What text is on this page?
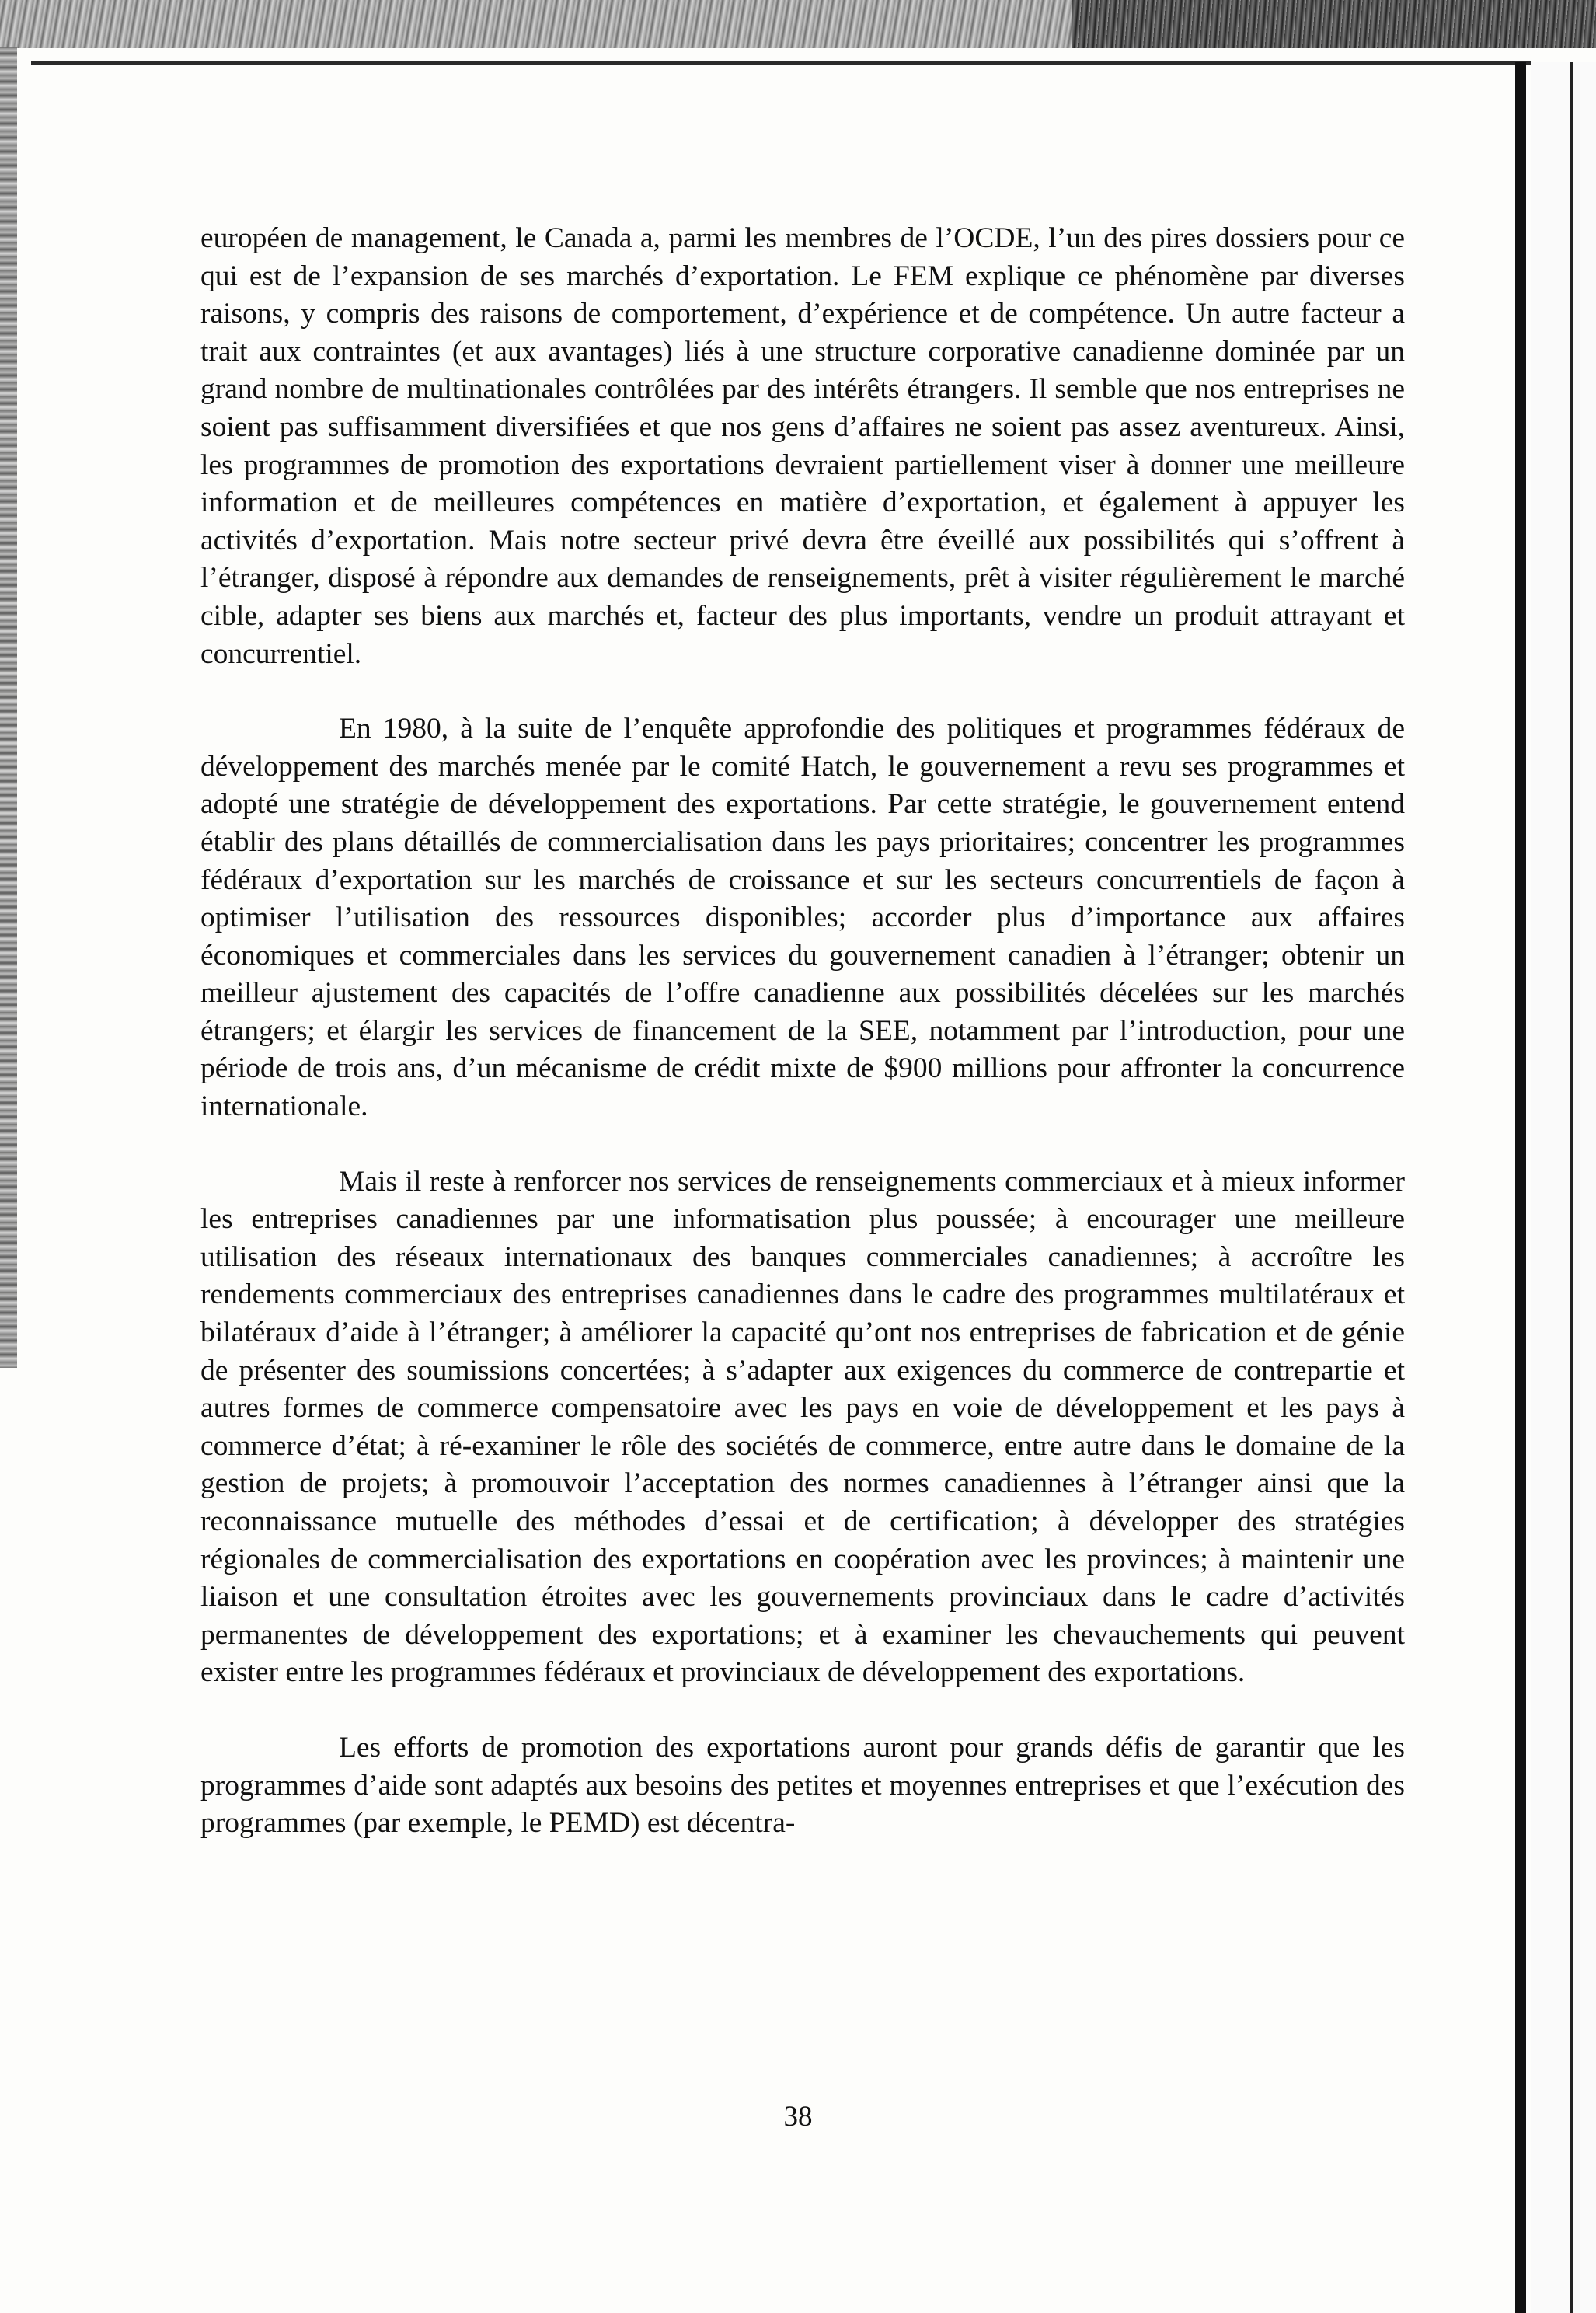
européen de management, le Canada a, parmi les membres de l’OCDE, l’un des pires dossiers pour ce qui est de l’expansion de ses marchés d’exportation. Le FEM explique ce phénomène par diverses raisons, y compris des raisons de comportement, d’expérience et de compétence. Un autre facteur a trait aux contraintes (et aux avantages) liés à une structure corporative canadienne dominée par un grand nombre de multinationales contrôlées par des intérêts étrangers. Il semble que nos entreprises ne soient pas suffisamment diversifiées et que nos gens d’affaires ne soient pas assez aventureux. Ainsi, les programmes de promotion des exportations devraient partiellement viser à donner une meilleure information et de meilleures compétences en matière d’exportation, et également à appuyer les activités d’exportation. Mais notre secteur privé devra être éveillé aux possibilités qui s’offrent à l’étranger, disposé à répondre aux demandes de renseignements, prêt à visiter régulièrement le marché cible, adapter ses biens aux marchés et, facteur des plus importants, vendre un produit attrayant et concurrentiel.

En 1980, à la suite de l’enquête approfondie des politiques et programmes fédéraux de développement des marchés menée par le comité Hatch, le gouvernement a revu ses programmes et adopté une stratégie de développement des exportations. Par cette stratégie, le gouvernement entend établir des plans détaillés de commercialisation dans les pays prioritaires; concentrer les programmes fédéraux d’exportation sur les marchés de croissance et sur les secteurs concurrentiels de façon à optimiser l’utilisation des ressources disponibles; accorder plus d’importance aux affaires économiques et commerciales dans les services du gouvernement canadien à l’étranger; obtenir un meilleur ajustement des capacités de l’offre canadienne aux possibilités décelées sur les marchés étrangers; et élargir les services de financement de la SEE, notamment par l’introduction, pour une période de trois ans, d’un mécanisme de crédit mixte de $900 millions pour affronter la concurrence internationale.

Mais il reste à renforcer nos services de renseignements commerciaux et à mieux informer les entreprises canadiennes par une informatisation plus poussée; à encourager une meilleure utilisation des réseaux internationaux des banques commerciales canadiennes; à accroître les rendements commerciaux des entreprises canadiennes dans le cadre des programmes multilatéraux et bilatéraux d’aide à l’étranger; à améliorer la capacité qu’ont nos entreprises de fabrication et de génie de présenter des soumissions concertées; à s’adapter aux exigences du commerce de contrepartie et autres formes de commerce compensatoire avec les pays en voie de développement et les pays à commerce d’état; à ré-examiner le rôle des sociétés de commerce, entre autre dans le domaine de la gestion de projets; à promouvoir l’acceptation des normes canadiennes à l’étranger ainsi que la reconnaissance mutuelle des méthodes d’essai et de certification; à développer des stratégies régionales de commercialisation des exportations en coopération avec les provinces; à maintenir une liaison et une consultation étroites avec les gouvernements provinciaux dans le cadre d’activités permanentes de développement des exportations; et à examiner les chevauchements qui peuvent exister entre les programmes fédéraux et provinciaux de développement des exportations.

Les efforts de promotion des exportations auront pour grands défis de garantir que les programmes d’aide sont adaptés aux besoins des petites et moyennes entreprises et que l’exécution des programmes (par exemple, le PEMD) est décentra-

38
